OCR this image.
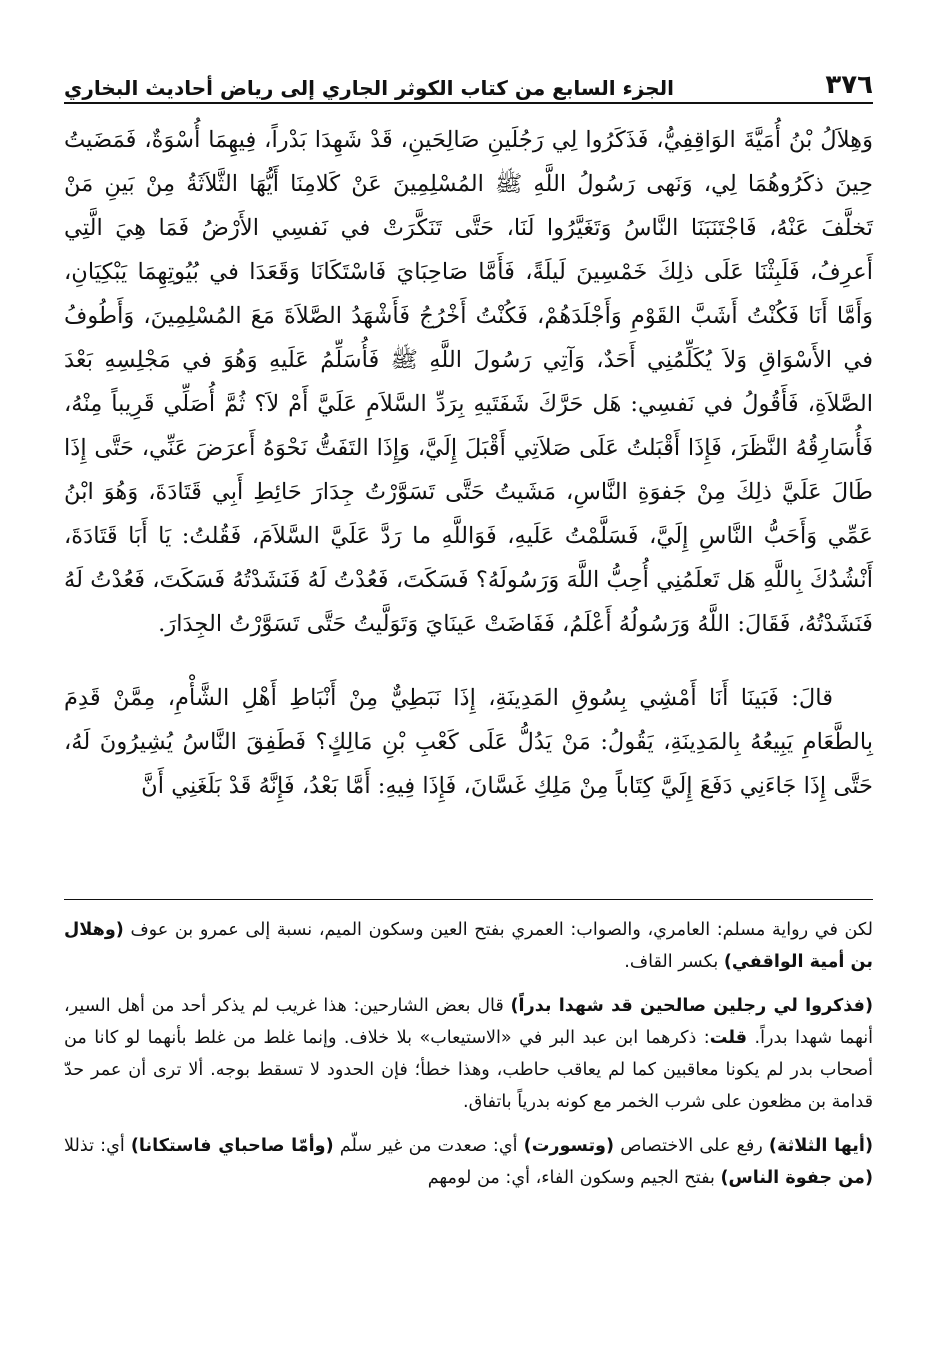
٣٧٦
الجزء السابع من كتاب الكوثر الجاري إلى رياض أحاديث البخاري

وَهِلاَلُ بْنُ أُمَيَّةَ الوَاقِفِيُّ، فَذَكَرُوا لِي رَجُلَينِ صَالِحَينِ، قَدْ شَهِدَا بَدْراً، فِيهِمَا أُسْوَةٌ، فَمَضَيتُ حِينَ ذكَرُوهُمَا لِي، وَنَهى رَسُولُ اللَّهِ ﷺ المُسْلِمِينَ عَنْ كَلامِنَا أَيُّهَا الثَّلاَثَةُ مِنْ بَينِ مَنْ تَخلَّفَ عَنْهُ، فَاجْتَنَبَنَا النَّاسُ وَتَغَيَّرُوا لَنَا، حَتَّى تَنَكَّرَتْ في نَفسِي الأَرْضُ فَمَا هِيَ الَّتِي أَعرِفُ، فَلَبِثْنَا عَلَى ذلِكَ خَمْسِينَ لَيلَةً، فَأَمَّا صَاحِبَايَ فَاسْتَكَانَا وَقَعَدَا في بُيُوتِهِمَا يَبْكِيَانِ، وَأَمَّا أَنَا فَكُنْتُ أَشَبَّ القَوْمِ وَأَجْلَدَهُمْ، فَكُنْتُ أَخْرُجُ فَأَشْهَدُ الصَّلاَةَ مَعَ المُسْلِمِينَ، وَأَطُوفُ في الأَسْوَاقِ وَلاَ يُكَلِّمُنِي أَحَدٌ، وَآتِي رَسُولَ اللَّهِ ﷺ فَأُسَلِّمُ عَلَيهِ وَهُوَ في مَجْلِسِهِ بَعْدَ الصَّلاَةِ، فَأَقُولُ في نَفسِي: هَل حَرَّكَ شَفَتَيهِ بِرَدِّ السَّلاَمِ عَلَيَّ أَمْ لاَ؟ ثُمَّ أُصَلِّي قَرِيباً مِنْهُ، فَأُسَارِقُهُ النَّظَرَ، فَإِذَا أَقْبَلتُ عَلَى صَلاَتِي أَقْبَلَ إِلَيَّ، وَإِذَا التَفَتُّ نَحْوَهُ أَعرَضَ عَنِّي، حَتَّى إِذَا طَالَ عَلَيَّ ذلِكَ مِنْ جَفوَةِ النَّاسِ، مَشَيتُ حَتَّى تَسَوَّرْتُ جِدَارَ حَائِطِ أَبِي قَتَادَةَ، وَهُوَ ابْنُ عَمِّي وَأَحَبُّ النَّاسِ إِلَيَّ، فَسَلَّمْتُ عَلَيهِ، فَوَاللَّهِ ما رَدَّ عَلَيَّ السَّلاَمَ، فَقُلتُ: يَا أَبَا قَتَادَةَ، أَنْشُدُكَ بِاللَّهِ هَل تَعلَمُنِي أُحِبُّ اللَّهَ وَرَسُولَهُ؟ فَسَكَتَ، فَعُدْتُ لَهُ فَنَشَدْتُهُ فَسَكَتَ، فَعُدْتُ لَهُ فَنَشَدْتُهُ، فَقَالَ: اللَّهُ وَرَسُولُهُ أَعْلَمُ، فَفَاضَتْ عَينَايَ وَتَوَلَّيتُ حَتَّى تَسَوَّرْتُ الجِدَارَ.

قالَ: فَبَينَا أَنَا أَمْشِي بِسُوقِ المَدِينَةِ، إِذَا نَبَطِيٌّ مِنْ أَنْبَاطِ أَهْلِ الشَّأْمِ، مِمَّنْ قَدِمَ بِالطَّعَامِ يَبِيعُهُ بِالمَدِينَةِ، يَقُولُ: مَنْ يَدُلُّ عَلَى كَعْبِ بْنِ مَالِكٍ؟ فَطَفِقَ النَّاسُ يُشِيرُونَ لَهُ، حَتَّى إِذَا جَاءَنِي دَفَعَ إِلَيَّ كِتَاباً مِنْ مَلِكِ غَسَّانَ، فَإِذَا فِيهِ: أَمَّا بَعْدُ، فَإِنَّهُ قَدْ بَلَغَنِي أَنَّ

لكن في رواية مسلم: العامري، والصواب: العمري بفتح العين وسكون الميم، نسبة إلى عمرو بن عوف (وهلال بن أمية الواقفي) بكسر القاف.

(فذكروا لي رجلين صالحين قد شهدا بدراً) قال بعض الشارحين: هذا غريب لم يذكر أحد من أهل السير، أنهما شهدا بدراً. قلت: ذكرهما ابن عبد البر في «الاستيعاب» بلا خلاف. وإنما غلط من غلط بأنهما لو كانا من أصحاب بدر لم يكونا معاقبين كما لم يعاقب حاطب، وهذا خطأ؛ فإن الحدود لا تسقط بوجه. ألا ترى أن عمر حدّ قدامة بن مظعون على شرب الخمر مع كونه بدرياً باتفاق.

(أيها الثلاثة) رفع على الاختصاص (وتسورت) أي: صعدت من غير سلّم (وأمّا صاحباي فاستكانا) أي: تذللا (من جفوة الناس) بفتح الجيم وسكون الفاء، أي: من لومهم
